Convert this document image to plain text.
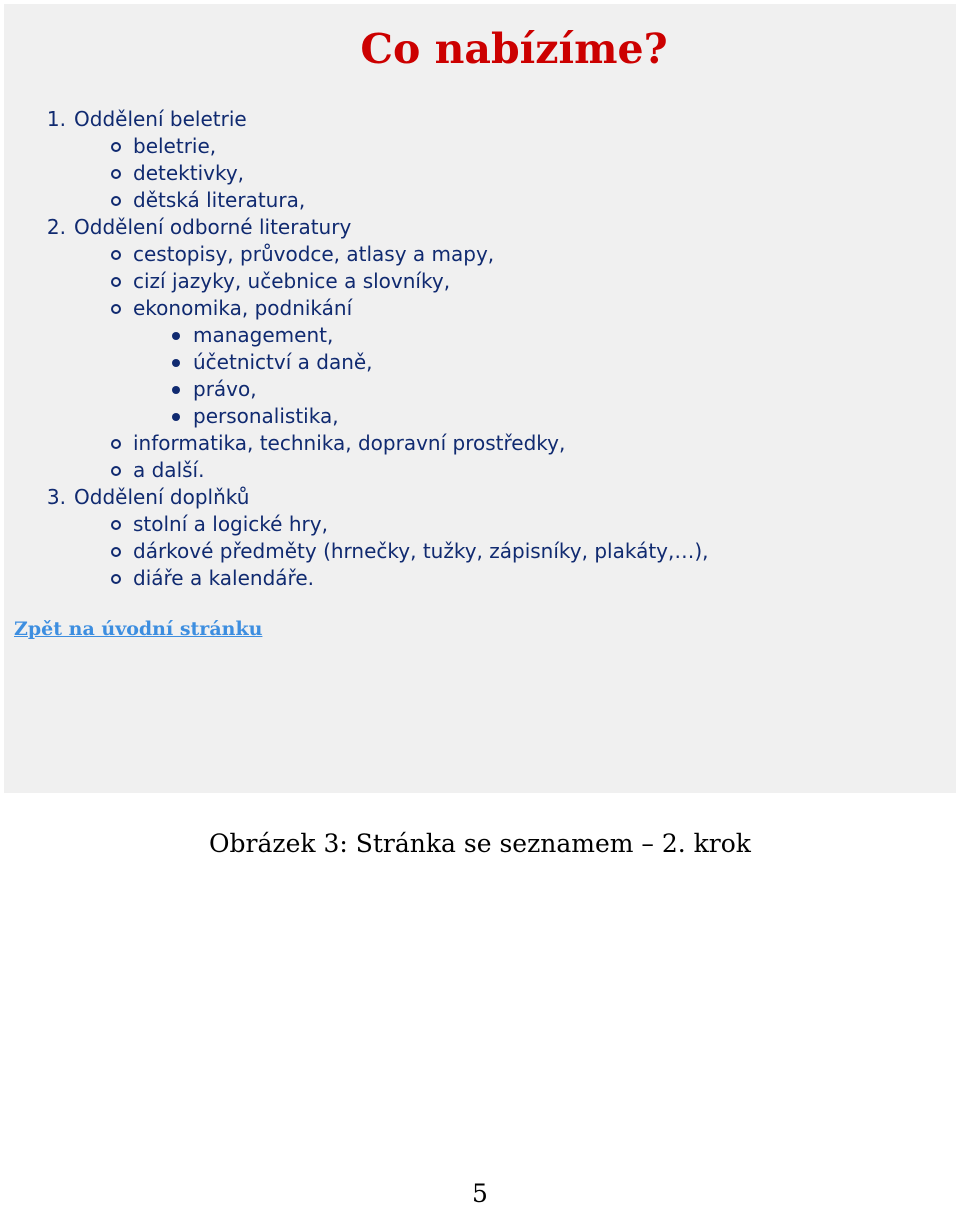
Co nabízíme?
1. Oddělení beletrie
beletrie,
detektivky,
dětská literatura,
2. Oddělení odborné literatury
cestopisy, průvodce, atlasy a mapy,
cizí jazyky, učebnice a slovníky,
ekonomika, podnikání
management,
účetnictví a daně,
právo,
personalistika,
informatika, technika, dopravní prostředky,
a další.
3. Oddělení doplňků
stolní a logické hry,
dárkové předměty (hrnečky, tužky, zápisníky, plakáty,…),
diáře a kalendáře.
Zpět na úvodní stránku
Obrázek 3: Stránka se seznamem – 2. krok
5
